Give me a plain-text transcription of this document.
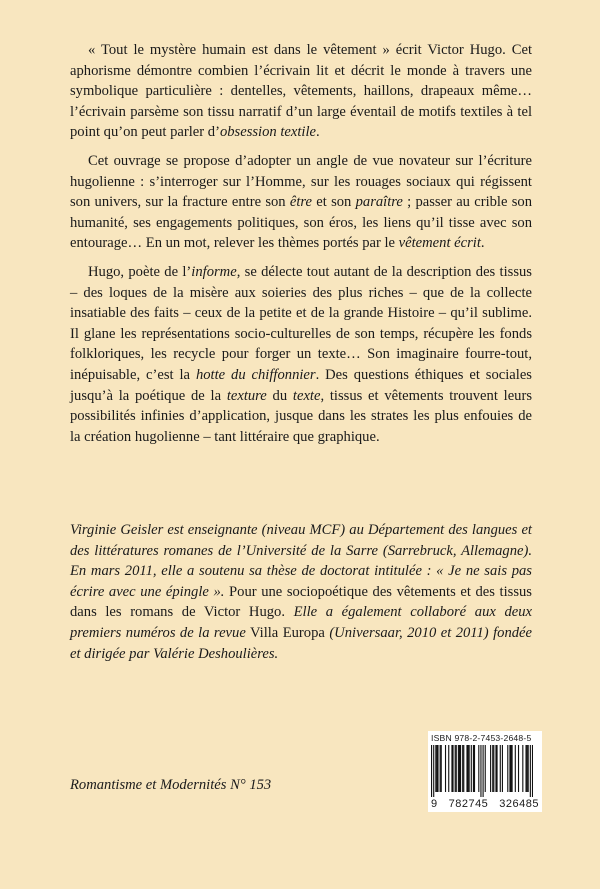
« Tout le mystère humain est dans le vêtement » écrit Victor Hugo. Cet aphorisme démontre combien l’écrivain lit et décrit le monde à travers une symbolique particulière : dentelles, vêtements, haillons, drapeaux même… l’écrivain parsème son tissu narratif d’un large éventail de motifs textiles à tel point qu’on peut parler d’obsession textile.

Cet ouvrage se propose d’adopter un angle de vue novateur sur l’écriture hugolienne : s’interroger sur l’Homme, sur les rouages sociaux qui régissent son univers, sur la fracture entre son être et son paraître ; passer au crible son humanité, ses engagements politiques, son éros, les liens qu’il tisse avec son entourage… En un mot, relever les thèmes portés par le vêtement écrit.

Hugo, poète de l’informe, se délecte tout autant de la description des tissus – des loques de la misère aux soieries des plus riches – que de la collecte insatiable des faits – ceux de la petite et de la grande Histoire – qu’il sublime. Il glane les représentations socio-culturelles de son temps, récupère les fonds folkloriques, les recycle pour forger un texte… Son imaginaire fourre-tout, inépuisable, c’est la hotte du chiffonnier. Des questions éthiques et sociales jusqu’à la poétique de la texture du texte, tissus et vêtements trouvent leurs possibilités infinies d’application, jusque dans les strates les plus enfouies de la création hugolienne – tant littéraire que graphique.

Virginie Geisler est enseignante (niveau MCF) au Département des langues et des littératures romanes de l’Université de la Sarre (Sarrebruck, Allemagne). En mars 2011, elle a soutenu sa thèse de doctorat intitulée : « Je ne sais pas écrire avec une épingle ». Pour une sociopoétique des vêtements et des tissus dans les romans de Victor Hugo. Elle a également collaboré aux deux premiers numéros de la revue Villa Europa (Universaar, 2010 et 2011) fondée et dirigée par Valérie Deshoulières.

Romantisme et Modernités N° 153
ISBN 978-2-7453-2648-5
9 782745 326485
